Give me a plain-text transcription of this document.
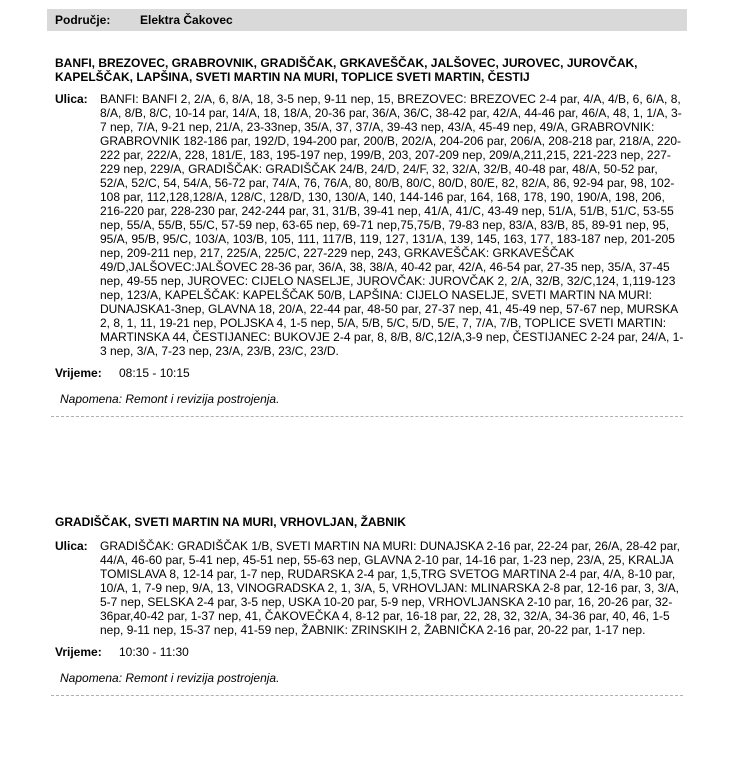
Područje: Elektra Čakovec
BANFI, BREZOVEC, GRABROVNIK, GRADIŠČAK, GRKAVEŠČAK, JALŠOVEC, JUROVEC, JUROVČAK, KAPELŠČAK, LAPŠINA, SVETI MARTIN NA MURI, TOPLICE SVETI MARTIN, ČESTIJ
Ulica:	BANFI: BANFI 2, 2/A, 6, 8/A, 18, 3-5 nep, 9-11 nep, 15, BREZOVEC: BREZOVEC 2-4 par, 4/A, 4/B, 6, 6/A, 8, 8/A, 8/B, 8/C, 10-14 par, 14/A, 18, 18/A, 20-36 par, 36/A, 36/C, 38-42 par, 42/A, 44-46 par, 46/A, 48, 1, 1/A, 3-7 nep, 7/A, 9-21 nep, 21/A, 23-33nep, 35/A, 37, 37/A, 39-43 nep, 43/A, 45-49 nep, 49/A, GRABROVNIK: GRABROVNIK 182-186 par, 192/D, 194-200 par, 200/B, 202/A, 204-206 par, 206/A, 208-218 par, 218/A, 220-222 par, 222/A, 228, 181/E, 183, 195-197 nep, 199/B, 203, 207-209 nep, 209/A,211,215, 221-223 nep, 227-229 nep, 229/A, GRADIŠČAK: GRADIŠČAK 24/B, 24/D, 24/F, 32, 32/A, 32/B, 40-48 par, 48/A, 50-52 par, 52/A, 52/C, 54, 54/A, 56-72 par, 74/A, 76, 76/A, 80, 80/B, 80/C, 80/D, 80/E, 82, 82/A, 86, 92-94 par, 98, 102-108 par, 112,128,128/A, 128/C, 128/D, 130, 130/A, 140, 144-146 par, 164, 168, 178, 190, 190/A, 198, 206, 216-220 par, 228-230 par, 242-244 par, 31, 31/B, 39-41 nep, 41/A, 41/C, 43-49 nep, 51/A, 51/B, 51/C, 53-55 nep, 55/A, 55/B, 55/C, 57-59 nep, 63-65 nep, 69-71 nep,75,75/B, 79-83 nep, 83/A, 83/B, 85, 89-91 nep, 95, 95/A, 95/B, 95/C, 103/A, 103/B, 105, 111, 117/B, 119, 127, 131/A, 139, 145, 163, 177, 183-187 nep, 201-205 nep, 209-211 nep, 217, 225/A, 225/C, 227-229 nep, 243, GRKAVEŠČAK: GRKAVEŠČAK 49/D,JALŠOVEC:JALŠOVEC 28-36 par, 36/A, 38, 38/A, 40-42 par, 42/A, 46-54 par, 27-35 nep, 35/A, 37-45 nep, 49-55 nep, JUROVEC: CIJELO NASELJE, JUROVČAK: JUROVČAK 2, 2/A, 32/B, 32/C,124, 1,119-123 nep, 123/A, KAPELŠČAK: KAPELŠČAK 50/B, LAPŠINA: CIJELO NASELJE, SVETI MARTIN NA MURI: DUNAJSKA1-3nep, GLAVNA 18, 20/A, 22-44 par, 48-50 par, 27-37 nep, 41, 45-49 nep, 57-67 nep, MURSKA 2, 8, 1, 11, 19-21 nep, POLJSKA 4, 1-5 nep, 5/A, 5/B, 5/C, 5/D, 5/E, 7, 7/A, 7/B, TOPLICE SVETI MARTIN: MARTINSKA 44, ČESTIJANEC: BUKOVJE 2-4 par, 8, 8/B, 8/C,12/A,3-9 nep, ČESTIJANEC 2-24 par, 24/A, 1-3 nep, 3/A, 7-23 nep, 23/A, 23/B, 23/C, 23/D.
Vrijeme:	08:15 - 10:15
Napomena: Remont i revizija postrojenja.
GRADIŠČAK, SVETI MARTIN NA MURI, VRHOVLJAN, ŽABNIK
Ulica:	GRADIŠČAK: GRADIŠČAK 1/B, SVETI MARTIN NA MURI: DUNAJSKA 2-16 par, 22-24 par, 26/A, 28-42 par, 44/A, 46-60 par, 5-41 nep, 45-51 nep, 55-63 nep, GLAVNA 2-10 par, 14-16 par, 1-23 nep, 23/A, 25, KRALJA TOMISLAVA 8, 12-14 par, 1-7 nep, RUDARSKA 2-4 par, 1,5,TRG SVETOG MARTINA 2-4 par, 4/A, 8-10 par, 10/A, 1, 7-9 nep, 9/A, 13, VINOGRADSKA 2, 1, 3/A, 5, VRHOVLJAN: MLINARSKA 2-8 par, 12-16 par, 3, 3/A, 5-7 nep, SELSKA 2-4 par, 3-5 nep, USKA 10-20 par, 5-9 nep, VRHOVLJANSKA 2-10 par, 16, 20-26 par, 32-36par,40-42 par, 1-37 nep, 41, ČAKOVEČKA 4, 8-12 par, 16-18 par, 22, 28, 32, 32/A, 34-36 par, 40, 46, 1-5 nep, 9-11 nep, 15-37 nep, 41-59 nep, ŽABNIK: ZRINSKIH 2, ŽABNIČKA 2-16 par, 20-22 par, 1-17 nep.
Vrijeme:	10:30 - 11:30
Napomena: Remont i revizija postrojenja.
